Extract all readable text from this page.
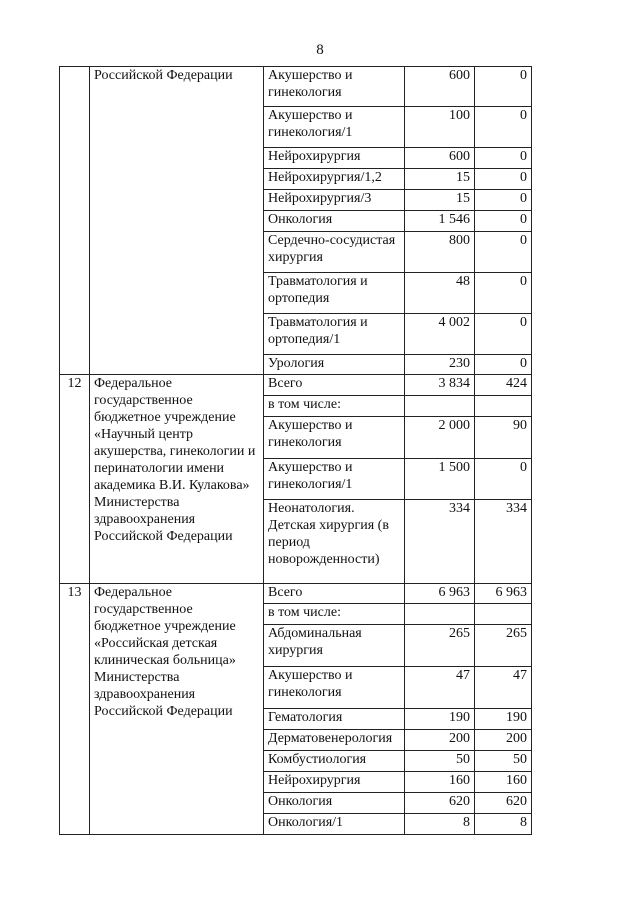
8
	Российской Федерации	Акушерство и гинекология	600	0
		Акушерство и гинекология/1	100	0
		Нейрохирургия	600	0
		Нейрохирургия/1,2	15	0
		Нейрохирургия/3	15	0
		Онкология	1 546	0
		Сердечно-сосудистая хирургия	800	0
		Травматология и ортопедия	48	0
		Травматология и ортопедия/1	4 002	0
		Урология	230	0
12	Федеральное государственное бюджетное учреждение «Научный центр акушерства, гинекологии и перинатологии имени академика В.И. Кулакова» Министерства здравоохранения Российской Федерации	Всего	3 834	424
		в том числе:		
		Акушерство и гинекология	2 000	90
		Акушерство и гинекология/1	1 500	0
		Неонатология. Детская хирургия (в период новорожденности)	334	334
13	Федеральное государственное бюджетное учреждение «Российская детская клиническая больница» Министерства здравоохранения Российской Федерации	Всего	6 963	6 963
		в том числе:		
		Абдоминальная хирургия	265	265
		Акушерство и гинекология	47	47
		Гематология	190	190
		Дерматовенерология	200	200
		Комбустиология	50	50
		Нейрохирургия	160	160
		Онкология	620	620
		Онкология/1	8	8
